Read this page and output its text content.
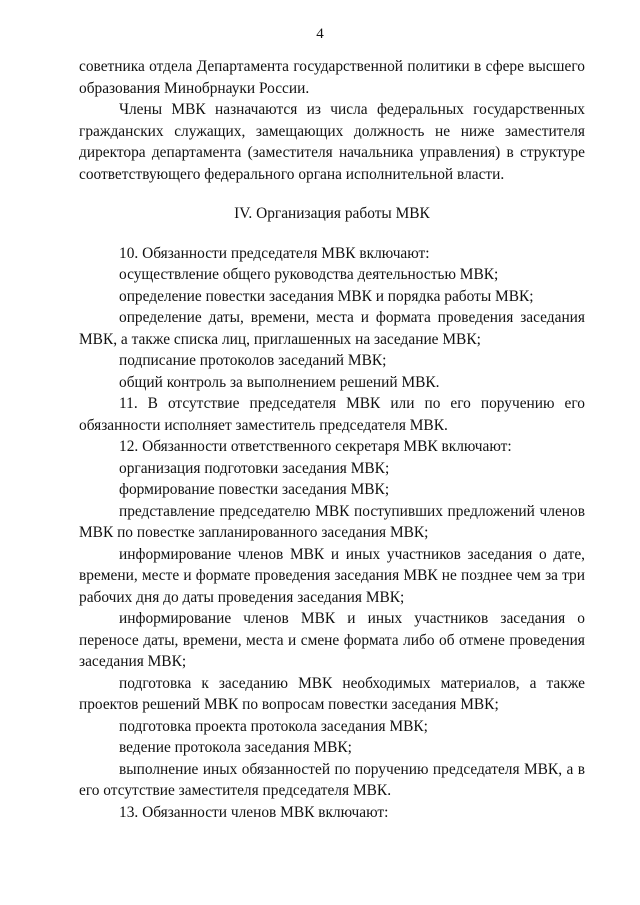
4

советника отдела Департамента государственной политики в сфере высшего образования Минобрнауки России.

Члены МВК назначаются из числа федеральных государственных гражданских служащих, замещающих должность не ниже заместителя директора департамента (заместителя начальника управления) в структуре соответствующего федерального органа исполнительной власти.

IV. Организация работы МВК

10. Обязанности председателя МВК включают:

осуществление общего руководства деятельностью МВК;

определение повестки заседания МВК и порядка работы МВК;

определение даты, времени, места и формата проведения заседания МВК, а также списка лиц, приглашенных на заседание МВК;

подписание протоколов заседаний МВК;

общий контроль за выполнением решений МВК.

11. В отсутствие председателя МВК или по его поручению его обязанности исполняет заместитель председателя МВК.

12. Обязанности ответственного секретаря МВК включают:

организация подготовки заседания МВК;

формирование повестки заседания МВК;

представление председателю МВК поступивших предложений членов МВК по повестке запланированного заседания МВК;

информирование членов МВК и иных участников заседания о дате, времени, месте и формате проведения заседания МВК не позднее чем за три рабочих дня до даты проведения заседания МВК;

информирование членов МВК и иных участников заседания о переносе даты, времени, места и смене формата либо об отмене проведения заседания МВК;

подготовка к заседанию МВК необходимых материалов, а также проектов решений МВК по вопросам повестки заседания МВК;

подготовка проекта протокола заседания МВК;

ведение протокола заседания МВК;

выполнение иных обязанностей по поручению председателя МВК, а в его отсутствие заместителя председателя МВК.

13. Обязанности членов МВК включают:
